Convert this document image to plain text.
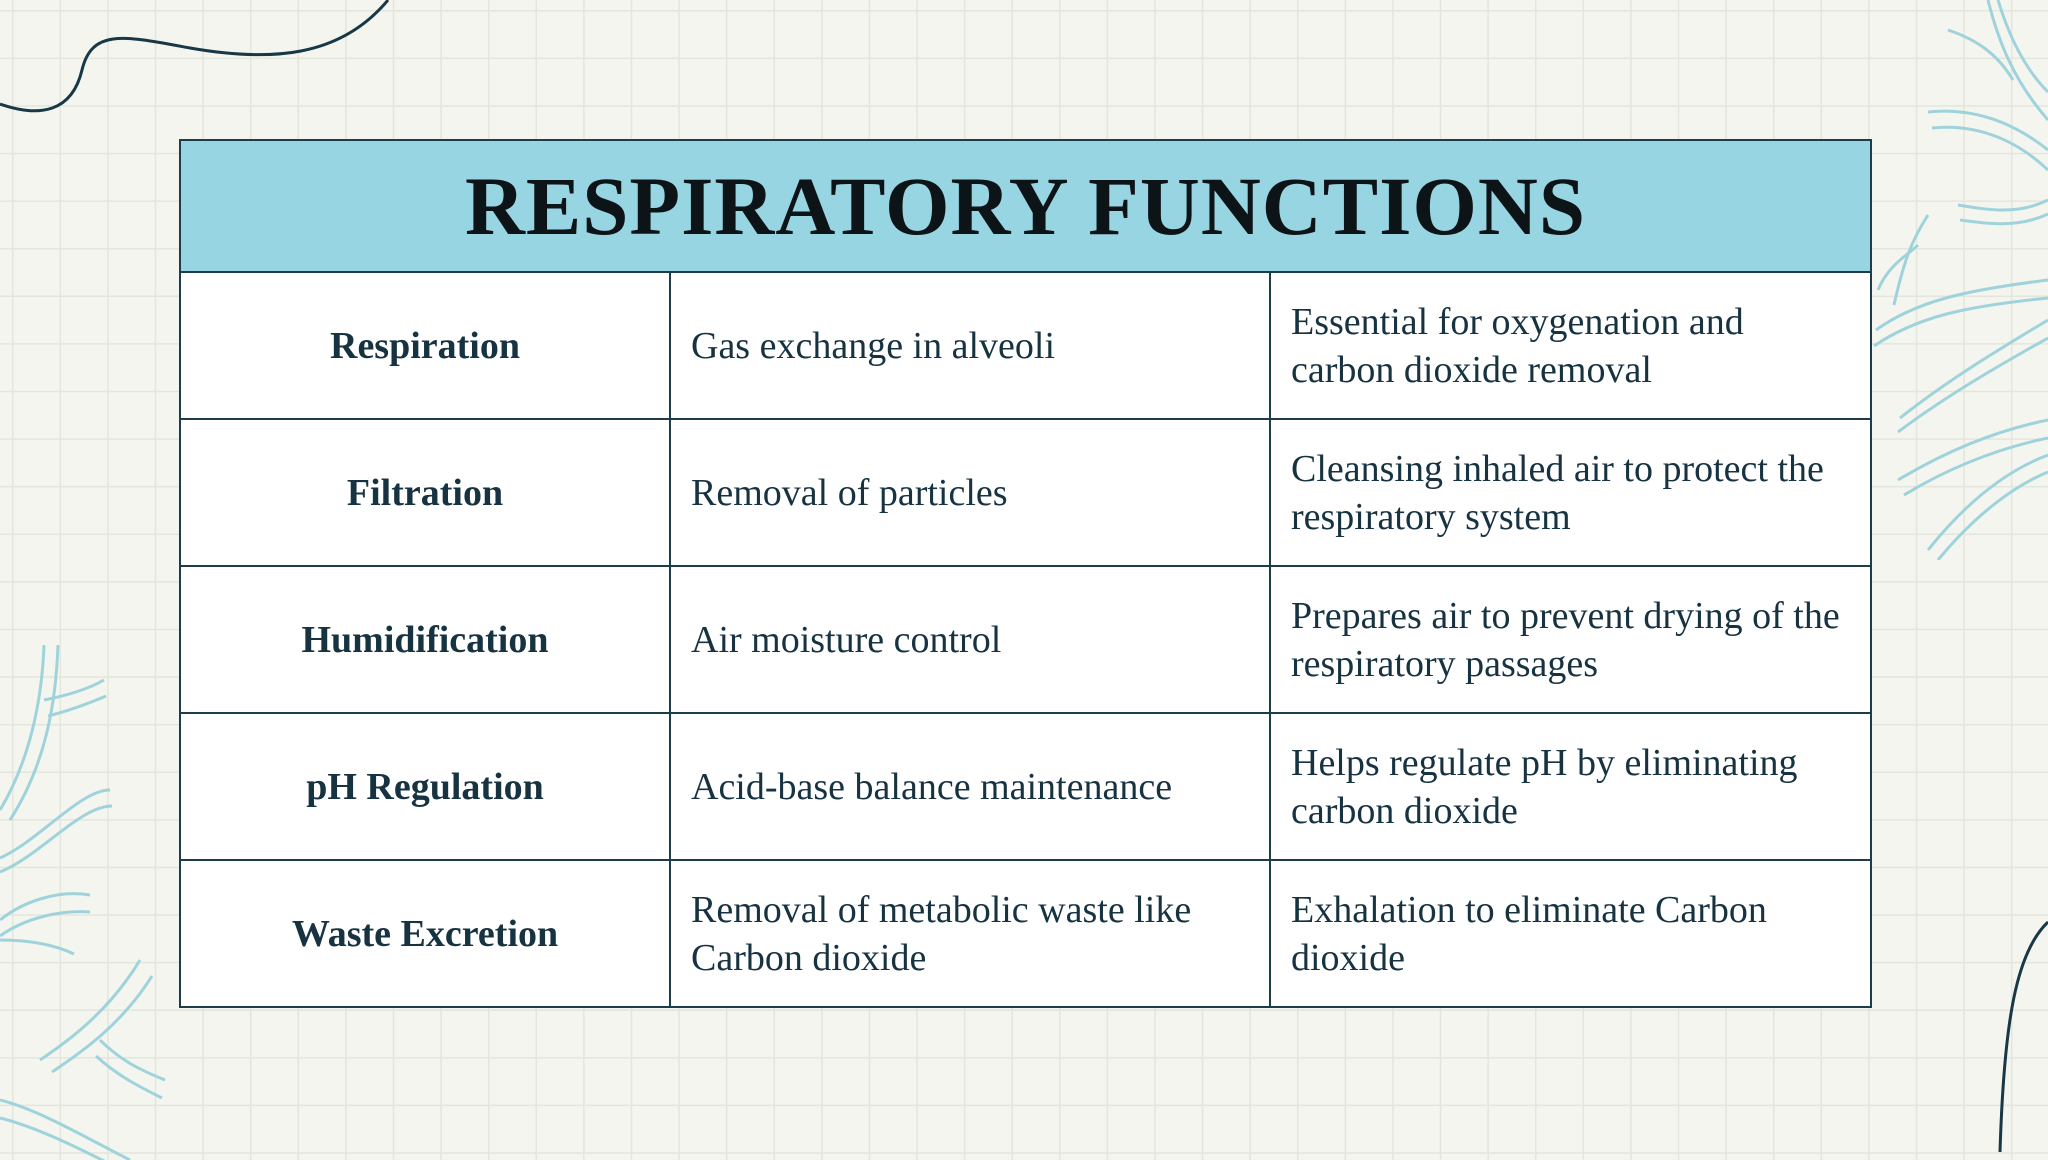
RESPIRATORY FUNCTIONS		
Respiration	Gas exchange in alveoli	Essential for oxygenation and carbon dioxide removal
Filtration	Removal of particles	Cleansing inhaled air to protect the respiratory system
Humidification	Air moisture control	Prepares air to prevent drying of the respiratory passages
pH Regulation	Acid-base balance maintenance	Helps regulate pH by eliminating carbon dioxide
Waste Excretion	Removal of metabolic waste like Carbon dioxide	Exhalation to eliminate Carbon dioxide
